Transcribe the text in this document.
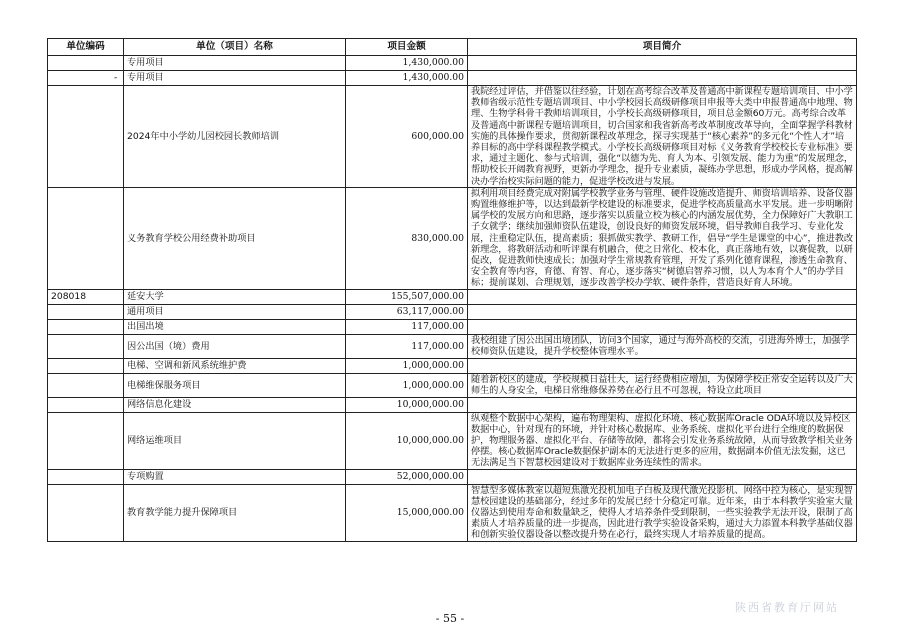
单位编码	单位（项目）名称	项目金额	项目简介
	专用项目	1,430,000.00	
-	专用项目	1,430,000.00	
	2024年中小学幼儿园校园长教师培训	600,000.00	我院经过评估，并借鉴以往经验，计划在高考综合改革及普通高中新课程专题培训项目、中小学教师省级示范性专题培训项目、中小学校园长高级研修项目申报等大类中申报普通高中地理、物理、生物学科骨干教师培训项目，小学校长高级研修项目，项目总金额60万元。高考综合改革及普通高中新课程专题培训项目，切合国家和我省新高考改革制度改革导向，全面掌握学科教材实施的具体操作要求，贯彻新课程改革理念，探寻实现基于“核心素养”的多元化“个性人才”培养目标的高中学科课程教学模式。小学校长高级研修项目对标《义务教育学校校长专业标准》要求，通过主题化、参与式培训，强化“以德为先、育人为本、引领发展、能力为重”的发展理念，帮助校长开阔教育视野，更新办学理念，提升专业素质，凝练办学思想，形成办学风格，提高解决办学治校实际问题的能力，促进学校改进与发展。
	义务教育学校公用经费补助项目	830,000.00	拟利用项目经费完成对附属学校教学业务与管理、硬件设施改造提升、师资培训培养、设备仪器购置维修维护等，以达到最新学校建设的标准要求，促进学校高质量高水平发展。进一步明晰附属学校的发展方向和思路，逐步落实以质量立校为核心的内涵发展优势，全力保障好广大教职工子女就学；继续加强师资队伍建设，创设良好的师资发展环境，倡导教师自我学习、专业化发展，注重稳定队伍，提高素质；狠抓做实教学、教研工作，倡导“学生是课堂的中心”，推进教改新理念，将教研活动和听评课有机融合，使之日常化、校本化，真正落地有效，以赛促教，以研促改，促进教师快速成长；加强对学生常规教育管理，开发了系列化德育课程，渗透生命教育、安全教育等内容，育德、育智、育心，逐步落实“树德启智养习惯，以人为本育个人”的办学目标；提前谋划、合理规划，逐步改善学校办学软、硬件条件，营造良好育人环境。
208018	延安大学	155,507,000.00	
	通用项目	63,117,000.00	
	出国出境	117,000.00	
	因公出国（境）费用	117,000.00	我校组建了因公出国出境团队，访问3个国家，通过与海外高校的交流，引进海外博士，加强学校师资队伍建设，提升学校整体管理水平。
	电梯、空调和新风系统维护费	1,000,000.00	
	电梯维保服务项目	1,000,000.00	随着新校区的建成，学校规模日益壮大，运行经费相应增加，为保障学校正常安全运转以及广大师生的人身安全，电梯日常维修保养势在必行且不可忽视，特设立此项目
	网络信息化建设	10,000,000.00	
	网络运维项目	10,000,000.00	纵观整个数据中心架构，遍布物理架构、虚拟化环境、核心数据库Oracle ODA环境以及异校区数据中心，针对现有的环境，并针对核心数据库、业务系统、虚拟化平台进行全维度的数据保护，物理服务器、虚拟化平台、存储等故障，都将会引发业务系统故障，从而导致教学相关业务停摆。核心数据库Oracle数据保护副本的无法进行更多的应用，数据副本价值无法发掘，这已无法满足当下智慧校园建设对于数据库业务连续性的需求。
	专项购置	52,000,000.00	
	教育教学能力提升保障项目	15,000,000.00	智慧型多媒体教室以超短焦激光投机加电子白板及现代激光投影机、网络中控为核心，是实现智慧校园建设的基础部分，经过多年的发展已经十分稳定可靠。近年来，由于本科教学实验室大量仪器达到使用寿命和数量缺乏，使得人才培养条件受到限制，一些实验教学无法开设，限制了高素质人才培养质量的进一步提高，因此进行教学实验设备采购，通过大力添置本科教学基础仪器和创新实验仪器设备以整改提升势在必行，最终实现人才培养质量的提高。
- 55 -
陕西省教育厅网站
